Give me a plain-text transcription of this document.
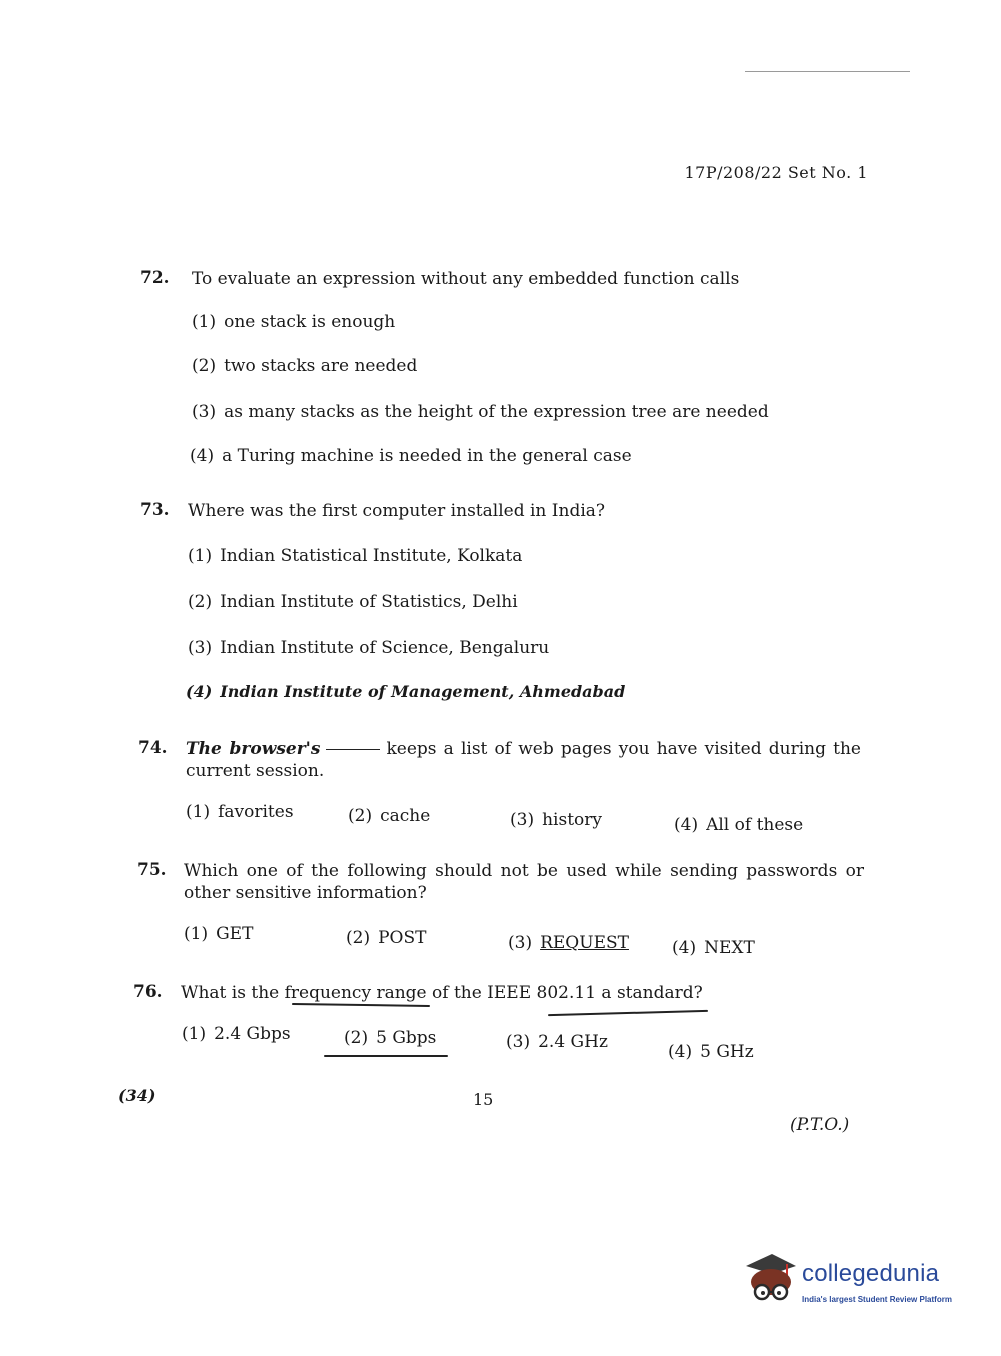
17P/208/22 Set No. 1
72. To evaluate an expression without any embedded function calls
(1) one stack is enough
(2) two stacks are needed
(3) as many stacks as the height of the expression tree are needed
(4) a Turing machine is needed in the general case
73. Where was the first computer installed in India?
(1) Indian Statistical Institute, Kolkata
(2) Indian Institute of Statistics, Delhi
(3) Indian Institute of Science, Bengaluru
(4) Indian Institute of Management, Ahmedabad
74. The browser's	keeps a list of web pages you have visited during the current session.
(1) favorites	(2) cache	(3) history	(4) All of these
75. Which one of the following should not be used while sending passwords or other sensitive information?
(1) GET	(2) POST	(3) REQUEST	(4) NEXT
76. What is the frequency range of the IEEE 802.11 a standard?
(1) 2.4 Gbps	(2) 5 Gbps	(3) 2.4 GHz	(4) 5 GHz
(34)	15
(P.T.O.)
collegedunia
India's largest Student Review Platform
